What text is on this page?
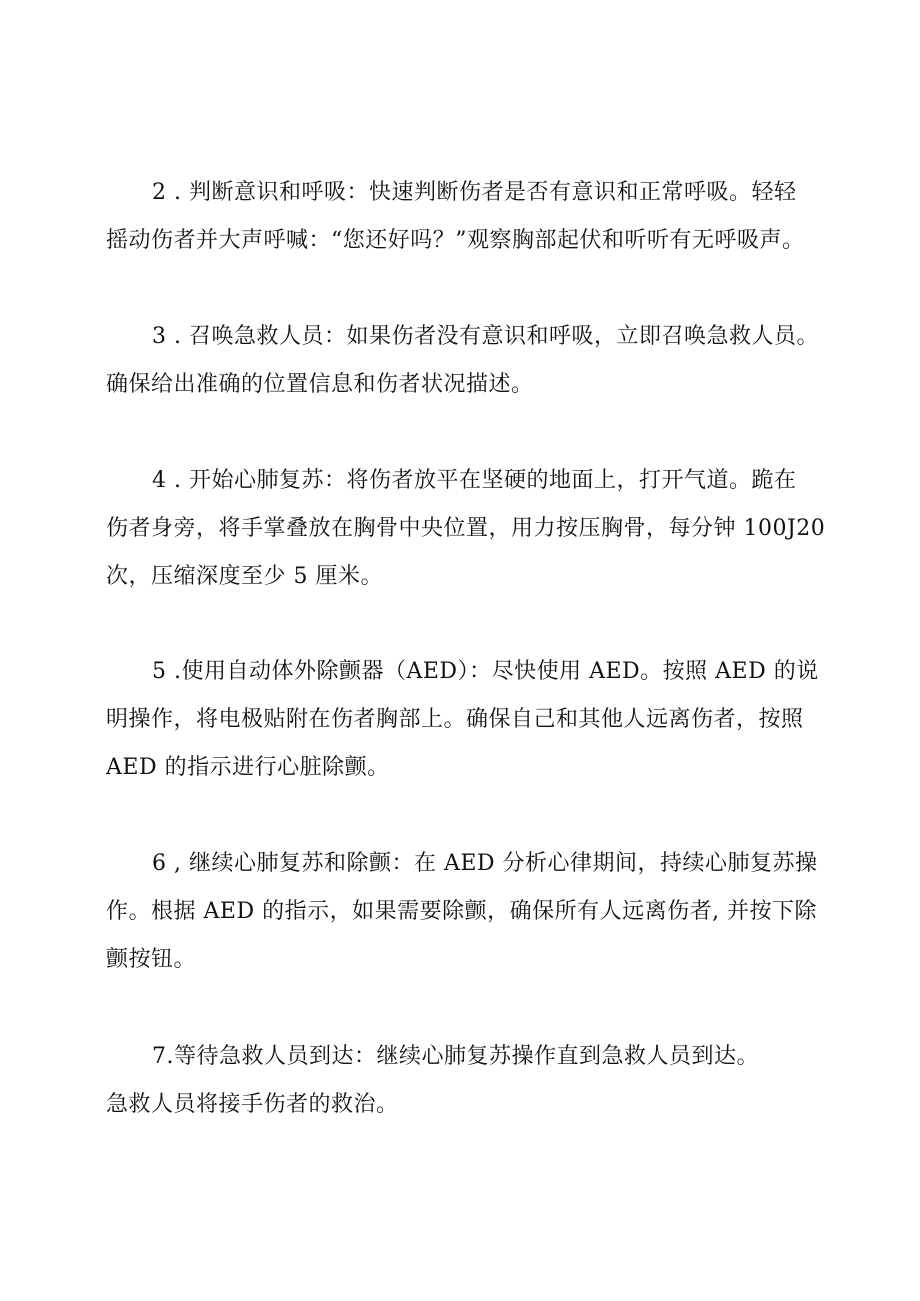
2 . 判断意识和呼吸：快速判断伤者是否有意识和正常呼吸。轻轻
摇动伤者并大声呼喊：“您还好吗？”观察胸部起伏和听听有无呼吸声。

3 . 召唤急救人员：如果伤者没有意识和呼吸，立即召唤急救人员。
确保给出准确的位置信息和伤者状况描述。

4 . 开始心肺复苏：将伤者放平在坚硬的地面上，打开气道。跪在
伤者身旁，将手掌叠放在胸骨中央位置，用力按压胸骨，每分钟 100J20
次，压缩深度至少 5 厘米。

5 .使用自动体外除颤器（AED）：尽快使用 AED。按照 AED 的说
明操作，将电极贴附在伤者胸部上。确保自己和其他人远离伤者，按照
AED 的指示进行心脏除颤。

6 , 继续心肺复苏和除颤：在 AED 分析心律期间，持续心肺复苏操
作。根据 AED 的指示，如果需要除颤，确保所有人远离伤者, 并按下除
颤按钮。

7.等待急救人员到达：继续心肺复苏操作直到急救人员到达。
急救人员将接手伤者的救治。
